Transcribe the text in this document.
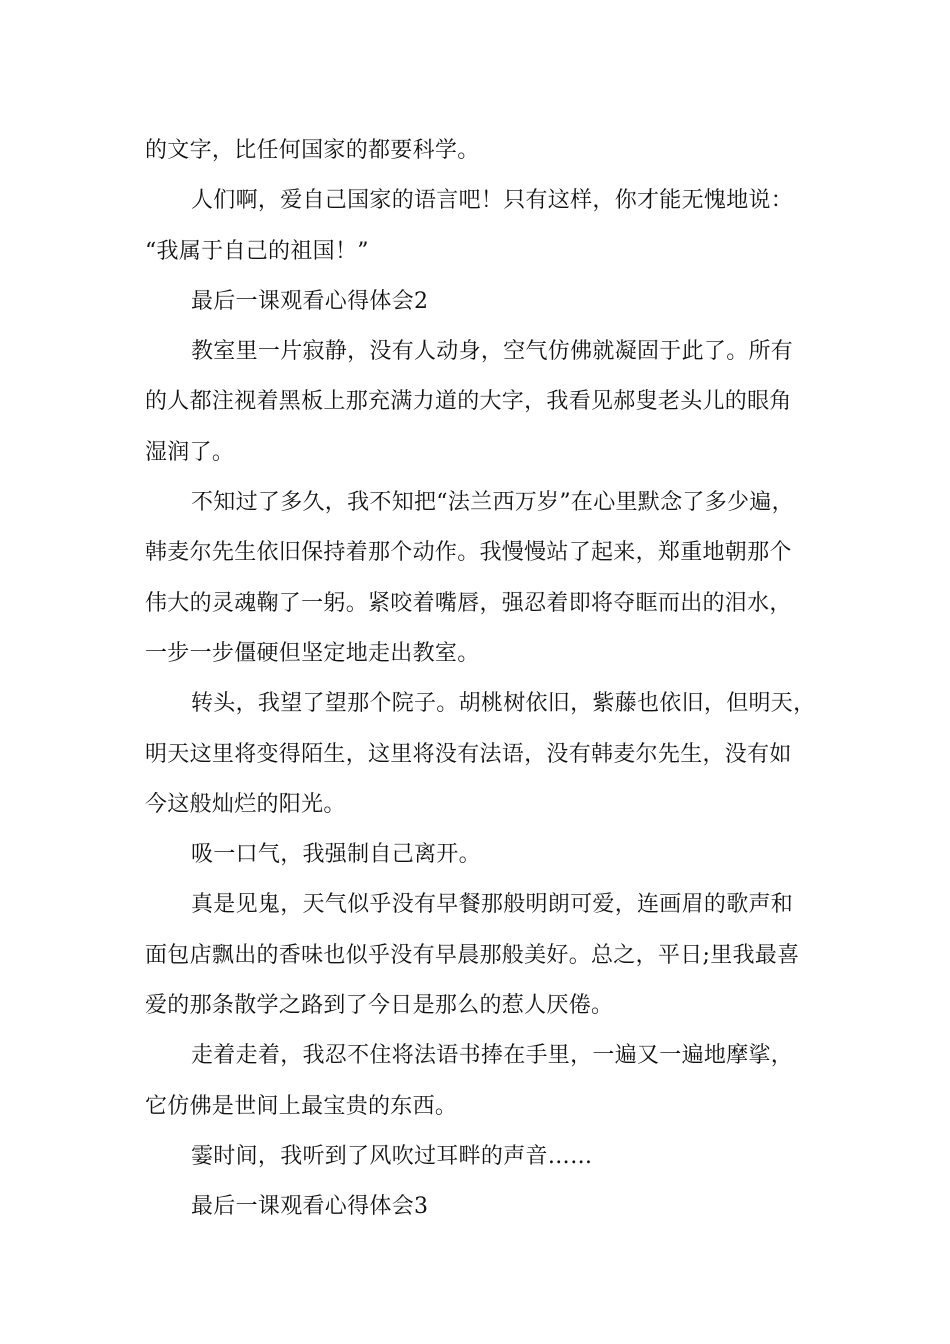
的文字，比任何国家的都要科学。

人们啊，爱自己国家的语言吧！只有这样，你才能无愧地说：

“我属于自己的祖国！”

最后一课观看心得体会2

教室里一片寂静，没有人动身，空气仿佛就凝固于此了。所有

的人都注视着黑板上那充满力道的大字，我看见郝叟老头儿的眼角

湿润了。

不知过了多久，我不知把“法兰西万岁”在心里默念了多少遍，

韩麦尔先生依旧保持着那个动作。我慢慢站了起来，郑重地朝那个

伟大的灵魂鞠了一躬。紧咬着嘴唇，强忍着即将夺眶而出的泪水，

一步一步僵硬但坚定地走出教室。

转头，我望了望那个院子。胡桃树依旧，紫藤也依旧，但明天，

明天这里将变得陌生，这里将没有法语，没有韩麦尔先生，没有如

今这般灿烂的阳光。

吸一口气，我强制自己离开。

真是见鬼，天气似乎没有早餐那般明朗可爱，连画眉的歌声和

面包店飘出的香味也似乎没有早晨那般美好。总之，平日;里我最喜

爱的那条散学之路到了今日是那么的惹人厌倦。

走着走着，我忍不住将法语书捧在手里，一遍又一遍地摩挲，

它仿佛是世间上最宝贵的东西。

霎时间，我听到了风吹过耳畔的声音……

最后一课观看心得体会3
